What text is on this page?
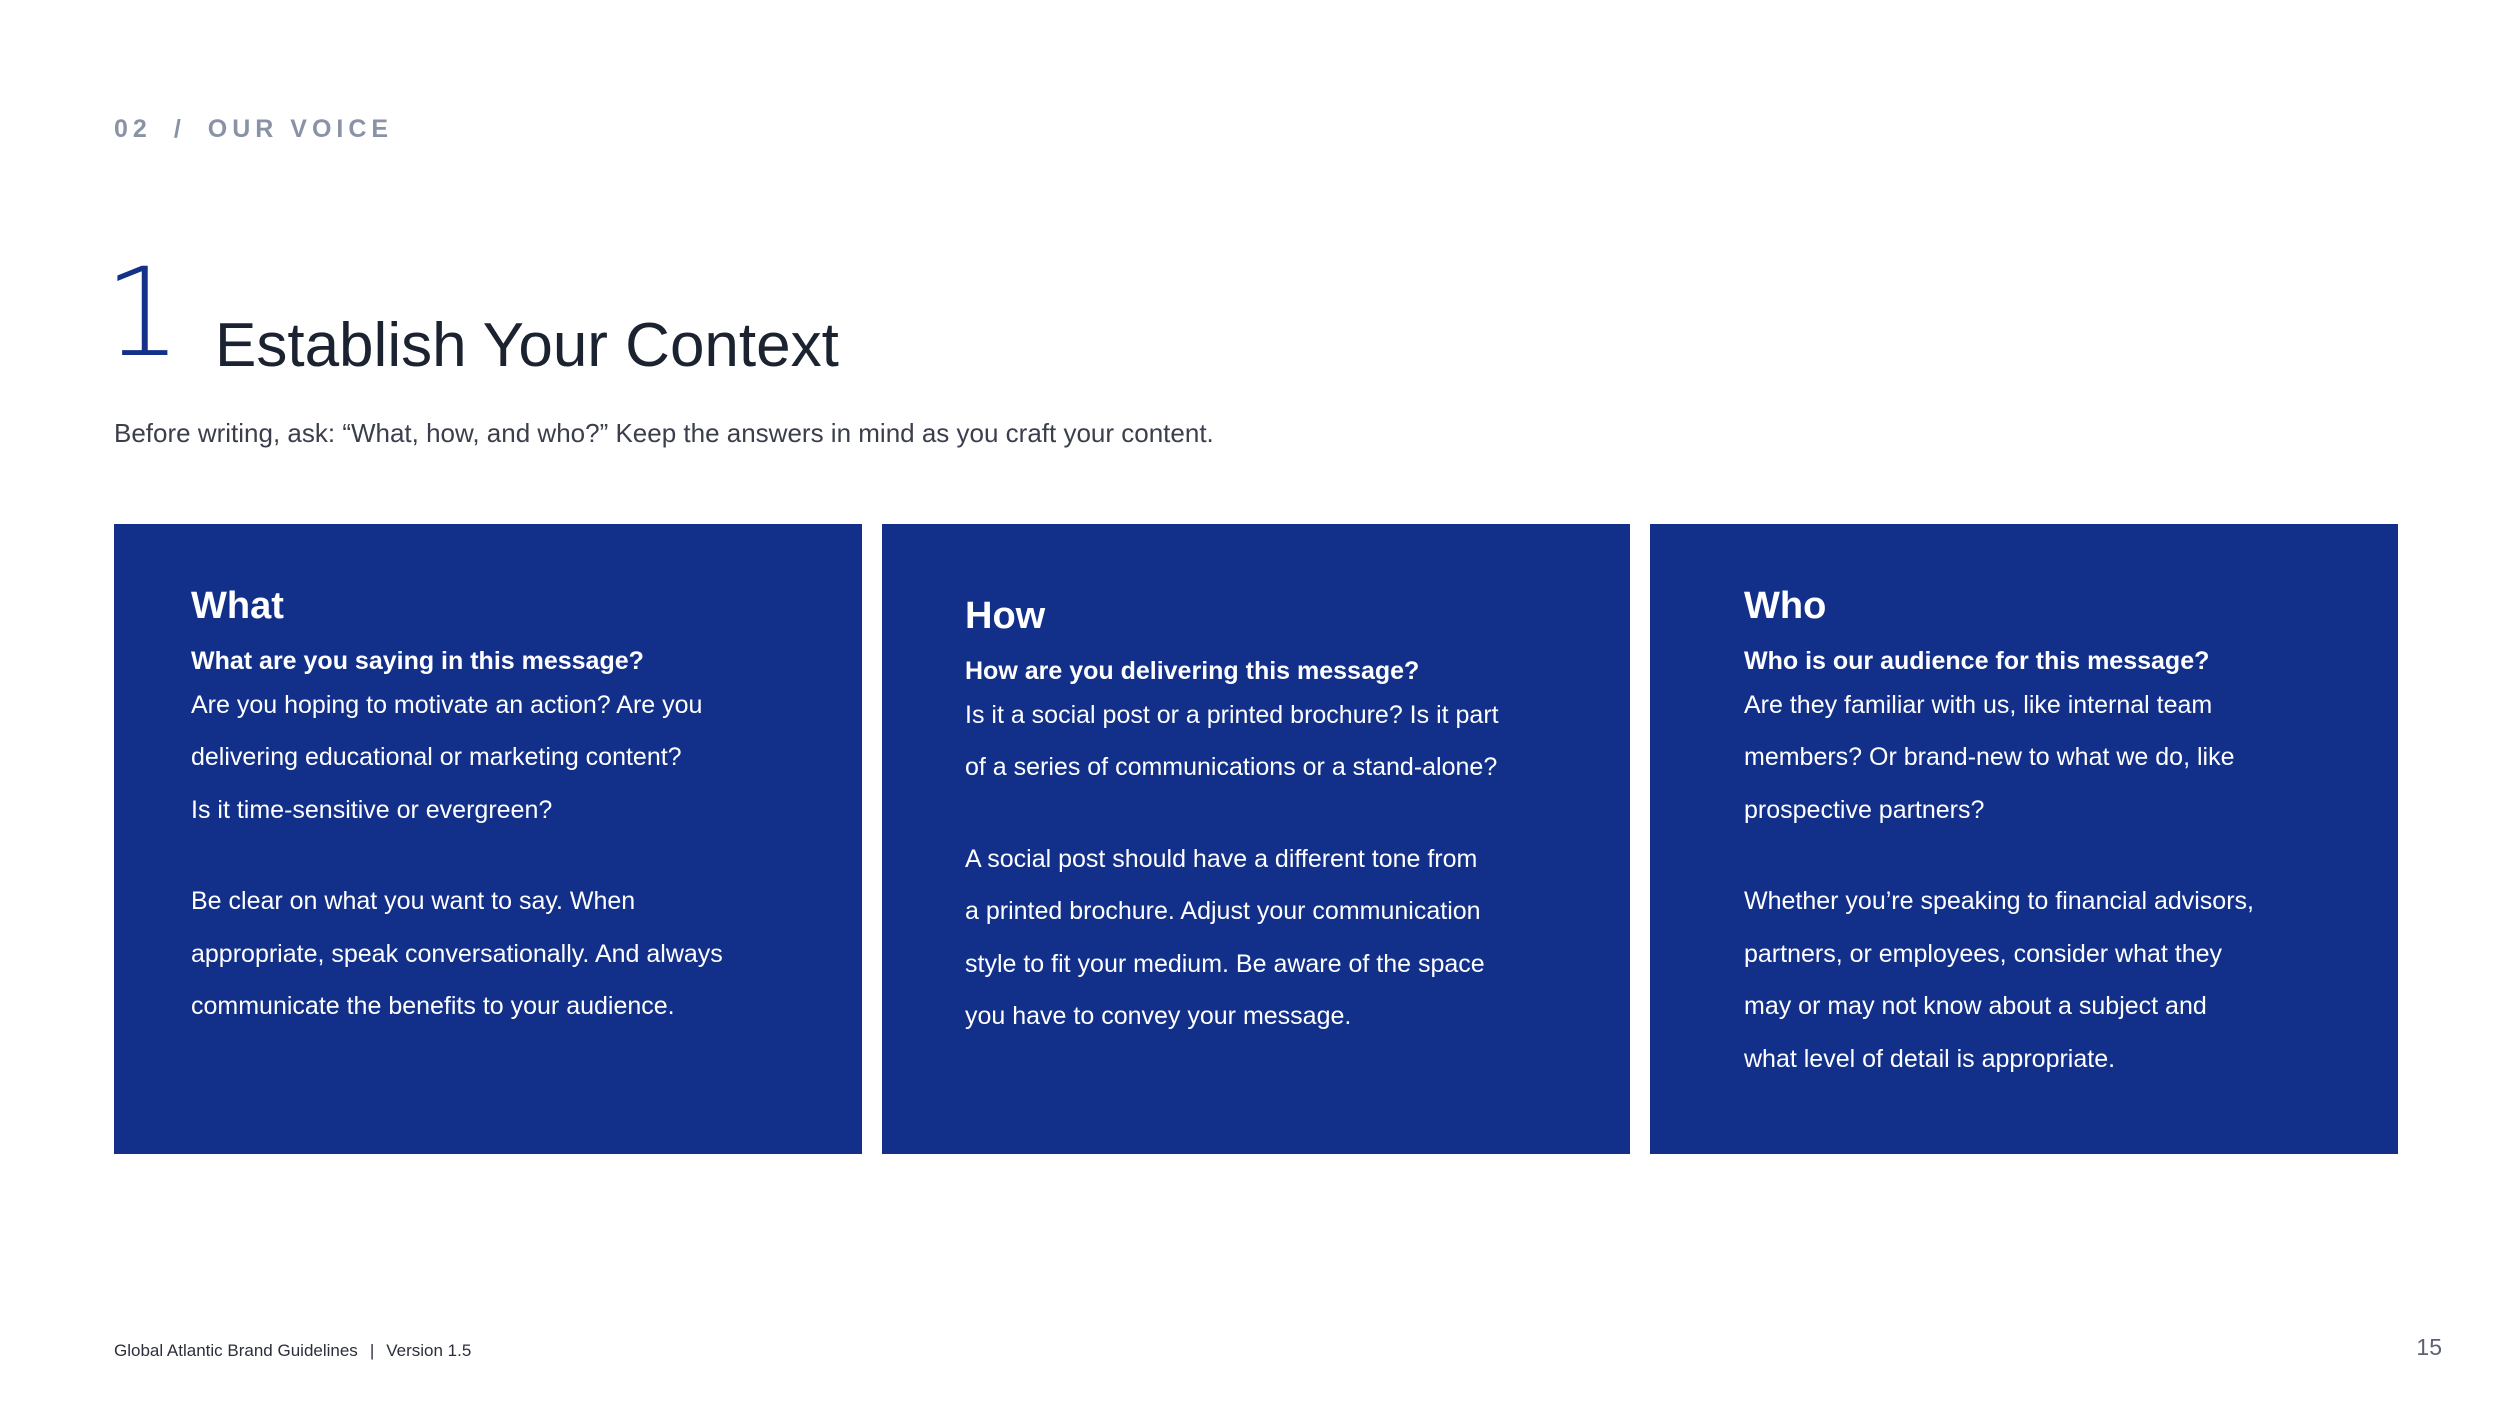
02 / OUR VOICE
1 Establish Your Context
Before writing, ask: “What, how, and who?” Keep the answers in mind as you craft your content.
What
What are you saying in this message?

Are you hoping to motivate an action? Are you
delivering educational or marketing content?
Is it time-sensitive or evergreen?

Be clear on what you want to say. When
appropriate, speak conversationally. And always
communicate the benefits to your audience.

How
How are you delivering this message?

Is it a social post or a printed brochure? Is it part
of a series of communications or a stand-alone?

A social post should have a different tone from
a printed brochure. Adjust your communication
style to fit your medium. Be aware of the space
you have to convey your message.

Who
Who is our audience for this message?

Are they familiar with us, like internal team
members? Or brand-new to what we do, like
prospective partners?

Whether you’re speaking to financial advisors,
partners, or employees, consider what they
may or may not know about a subject and
what level of detail is appropriate.

Global Atlantic Brand Guidelines | Version 1.5	15
